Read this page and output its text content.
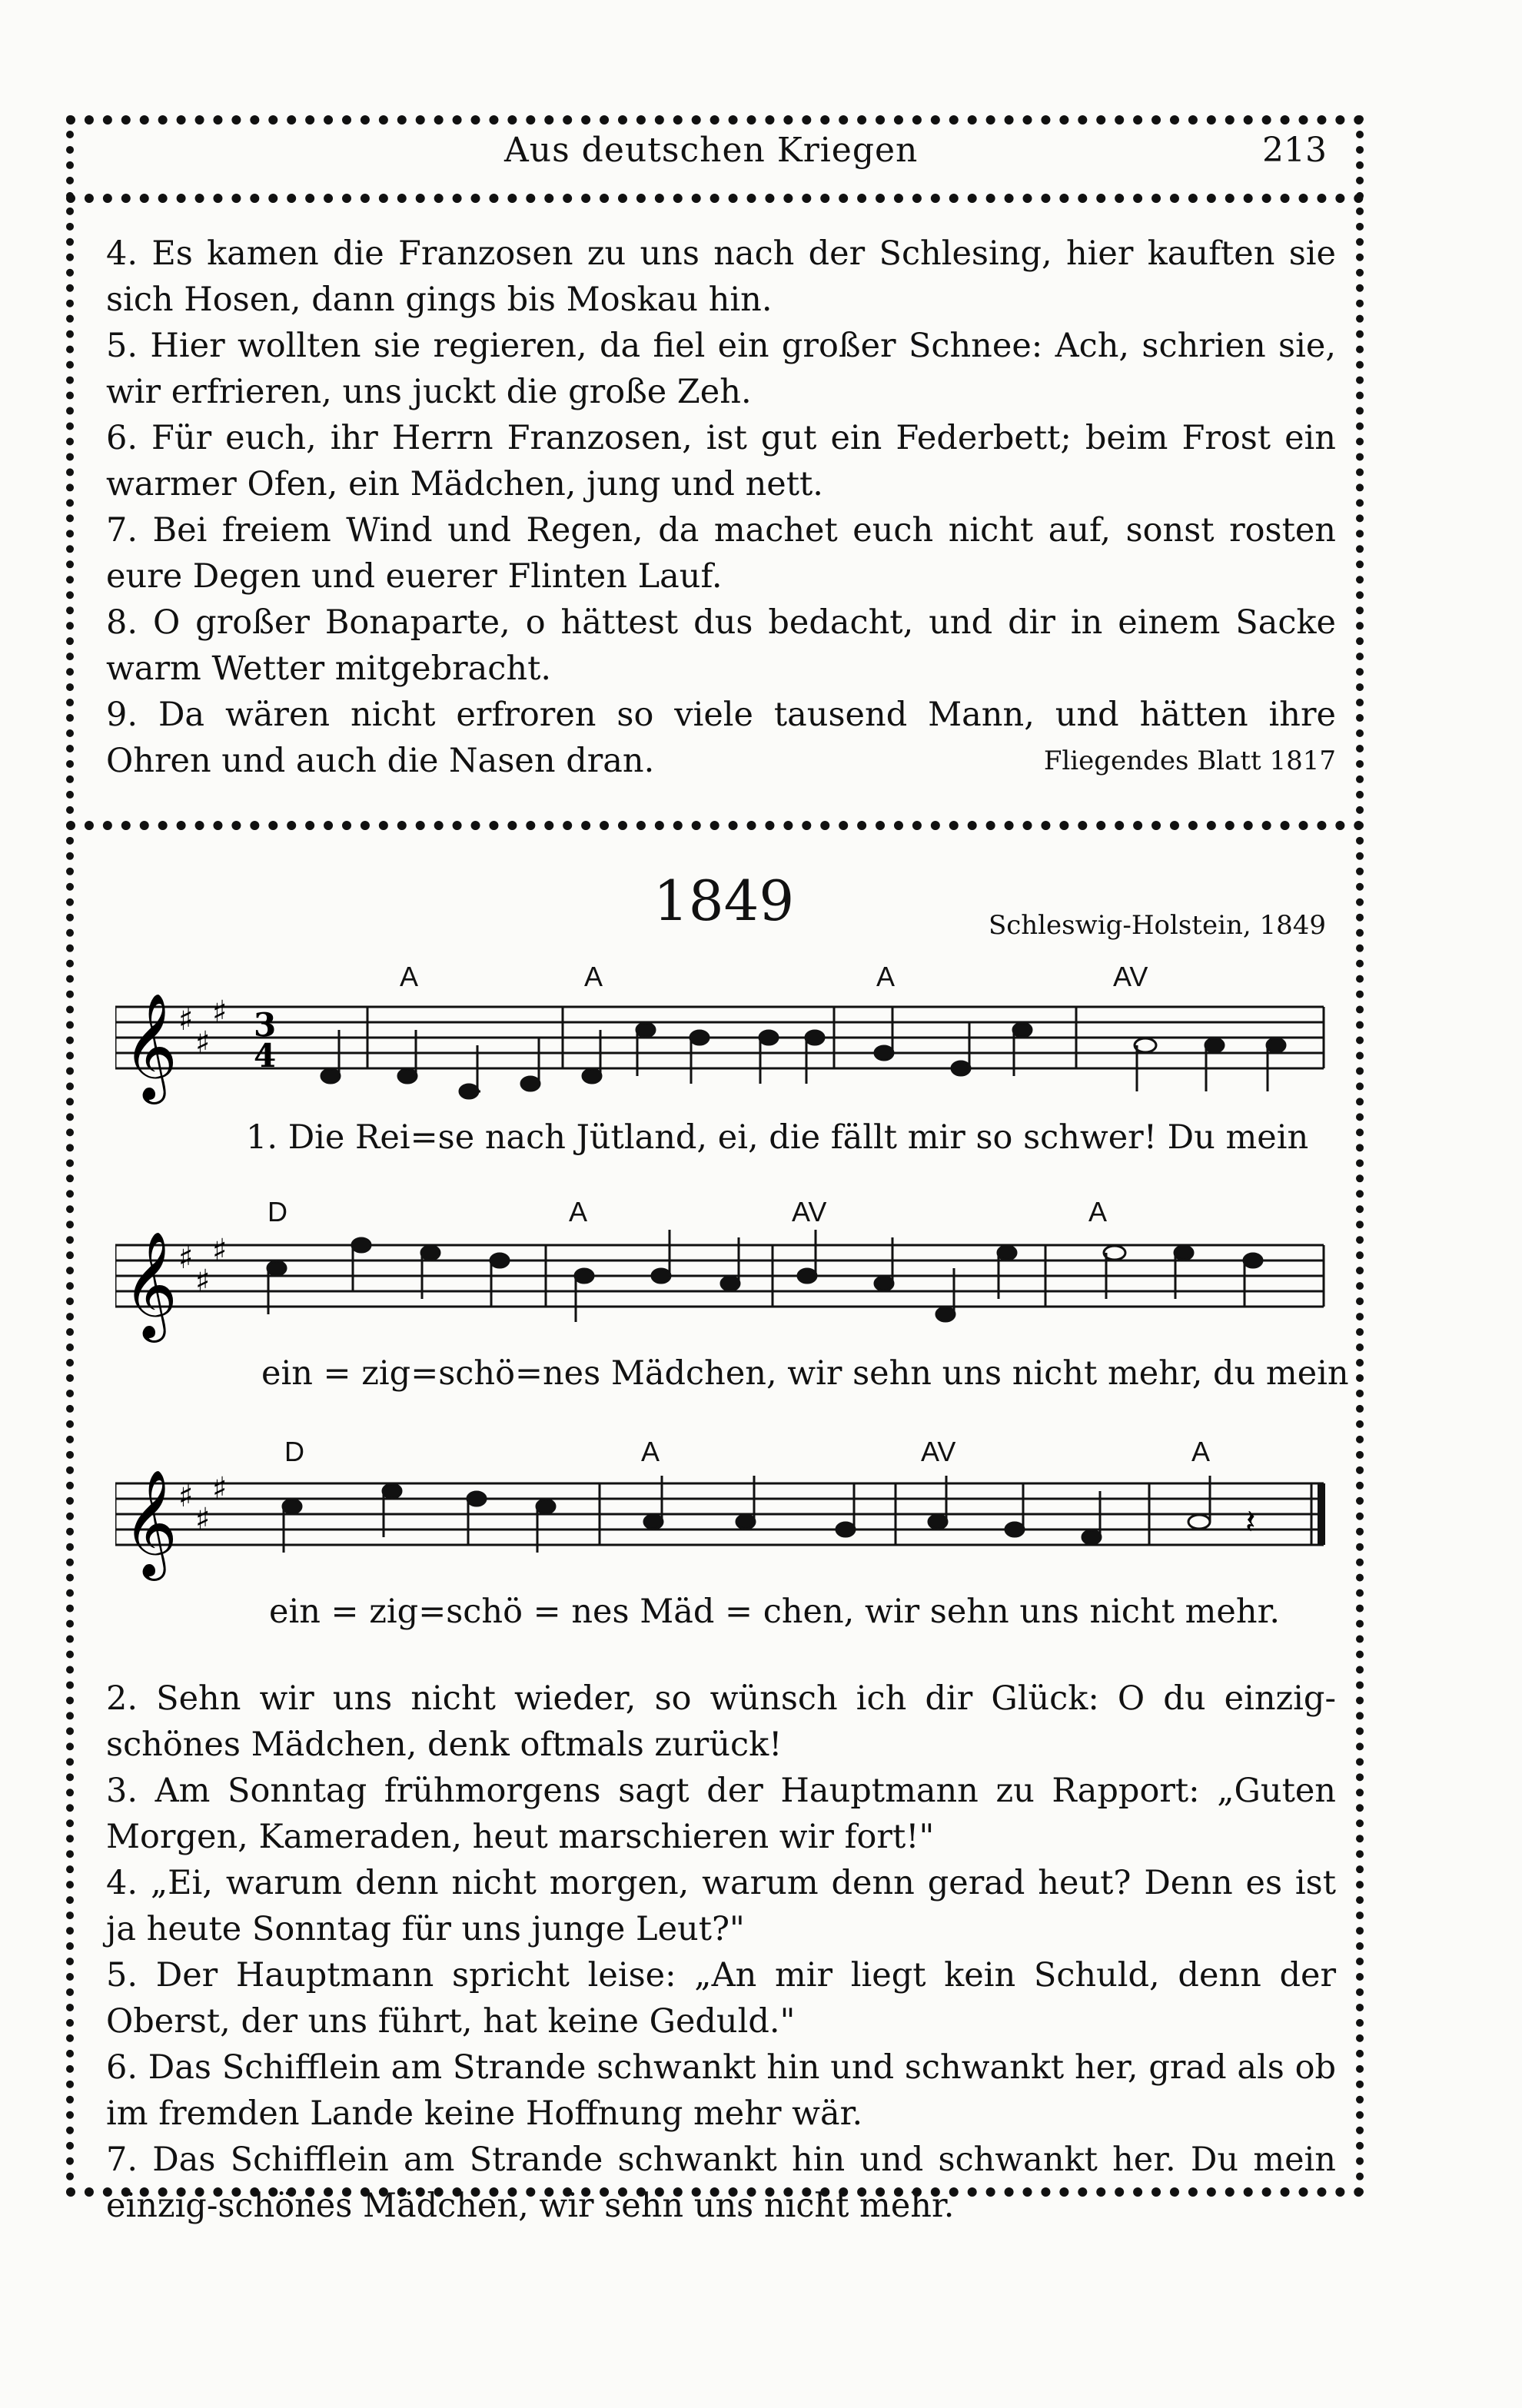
Aus deutschen Kriegen	213

4. Es kamen die Franzosen zu uns nach der Schlesing, hier kauften sie sich Hosen, dann gings bis Moskau hin.

5. Hier wollten sie regieren, da fiel ein großer Schnee: Ach, schrien sie, wir erfrieren, uns juckt die große Zeh.

6. Für euch, ihr Herrn Franzosen, ist gut ein Federbett; beim Frost ein warmer Ofen, ein Mädchen, jung und nett.

7. Bei freiem Wind und Regen, da machet euch nicht auf, sonst rosten eure Degen und euerer Flinten Lauf.

8. O großer Bonaparte, o hättest dus bedacht, und dir in einem Sacke warm Wetter mitgebracht.

9. Da wären nicht erfroren so viele tausend Mann, und hätten ihre Ohren und auch die Nasen dran.	Fliegendes Blatt 1817
1849	Schleswig-Holstein, 1849
A	A	A	AV
𝄞 ♯
♯
♯ 3
4
1. Die Rei=se nach Jütland, ei, die fällt mir so schwer! Du mein
D	A	AV	A
𝄞 ♯
♯
♯
ein = zig=schö=nes Mädchen, wir sehn uns nicht mehr, du mein
D	A	AV	A
𝄞 ♯
♯
♯
𝄽
ein = zig=schö = nes Mäd = chen, wir sehn uns nicht mehr.

2. Sehn wir uns nicht wieder, so wünsch ich dir Glück: O du einzig-schönes Mädchen, denk oftmals zurück!

3. Am Sonntag frühmorgens sagt der Hauptmann zu Rapport: „Guten Morgen, Kameraden, heut marschieren wir fort!"

4. „Ei, warum denn nicht morgen, warum denn gerad heut? Denn es ist ja heute Sonntag für uns junge Leut?"

5. Der Hauptmann spricht leise: „An mir liegt kein Schuld, denn der Oberst, der uns führt, hat keine Geduld."

6. Das Schifflein am Strande schwankt hin und schwankt her, grad als ob im fremden Lande keine Hoffnung mehr wär.

7. Das Schifflein am Strande schwankt hin und schwankt her. Du mein einzig-schönes Mädchen, wir sehn uns nicht mehr.
